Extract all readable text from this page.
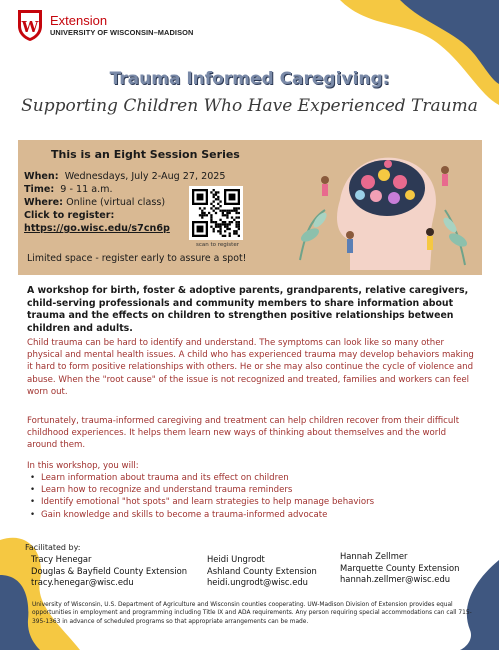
W Extension
UNIVERSITY OF WISCONSIN–MADISON
Trauma Informed Caregiving:
Supporting Children Who Have Experienced Trauma
This is an Eight Session Series
When: Wednesdays, July 2-Aug 27, 2025
Time: 9 - 11 a.m.
Where: Online (virtual class)
Click to register:
https://go.wisc.edu/s7cn6p
scan to register
Limited space - register early to assure a spot!
A workshop for birth, foster & adoptive parents, grandparents, relative caregivers, child-serving professionals and community members to share information about trauma and the effects on children to strengthen positive relationships between children and adults.
Child trauma can be hard to identify and understand. The symptoms can look like so many other physical and mental health issues. A child who has experienced trauma may develop behaviors making it hard to form positive relationships with others. He or she may also continue the cycle of violence and abuse. When the "root cause" of the issue is not recognized and treated, families and workers can feel worn out.
Fortunately, trauma-informed caregiving and treatment can help children recover from their difficult childhood experiences. It helps them learn new ways of thinking about themselves and the world around them.
In this workshop, you will:
• Learn information about trauma and its effect on children
• Learn how to recognize and understand trauma reminders
• Identify emotional "hot spots" and learn strategies to help manage behaviors
• Gain knowledge and skills to become a trauma-informed advocate
Facilitated by:
Tracy Henegar
Douglas & Bayfield County Extension
tracy.henegar@wisc.edu
Heidi Ungrodt
Ashland County Extension
heidi.ungrodt@wisc.edu
Hannah Zellmer
Marquette County Extension
hannah.zellmer@wisc.edu
University of Wisconsin, U.S. Department of Agriculture and Wisconsin counties cooperating. UW-Madison Division of Extension provides equal opportunities in employment and programming including Title IX and ADA requirements. Any person requiring special accommodations can call 715-395-1363 in advance of scheduled programs so that appropriate arrangements can be made.
